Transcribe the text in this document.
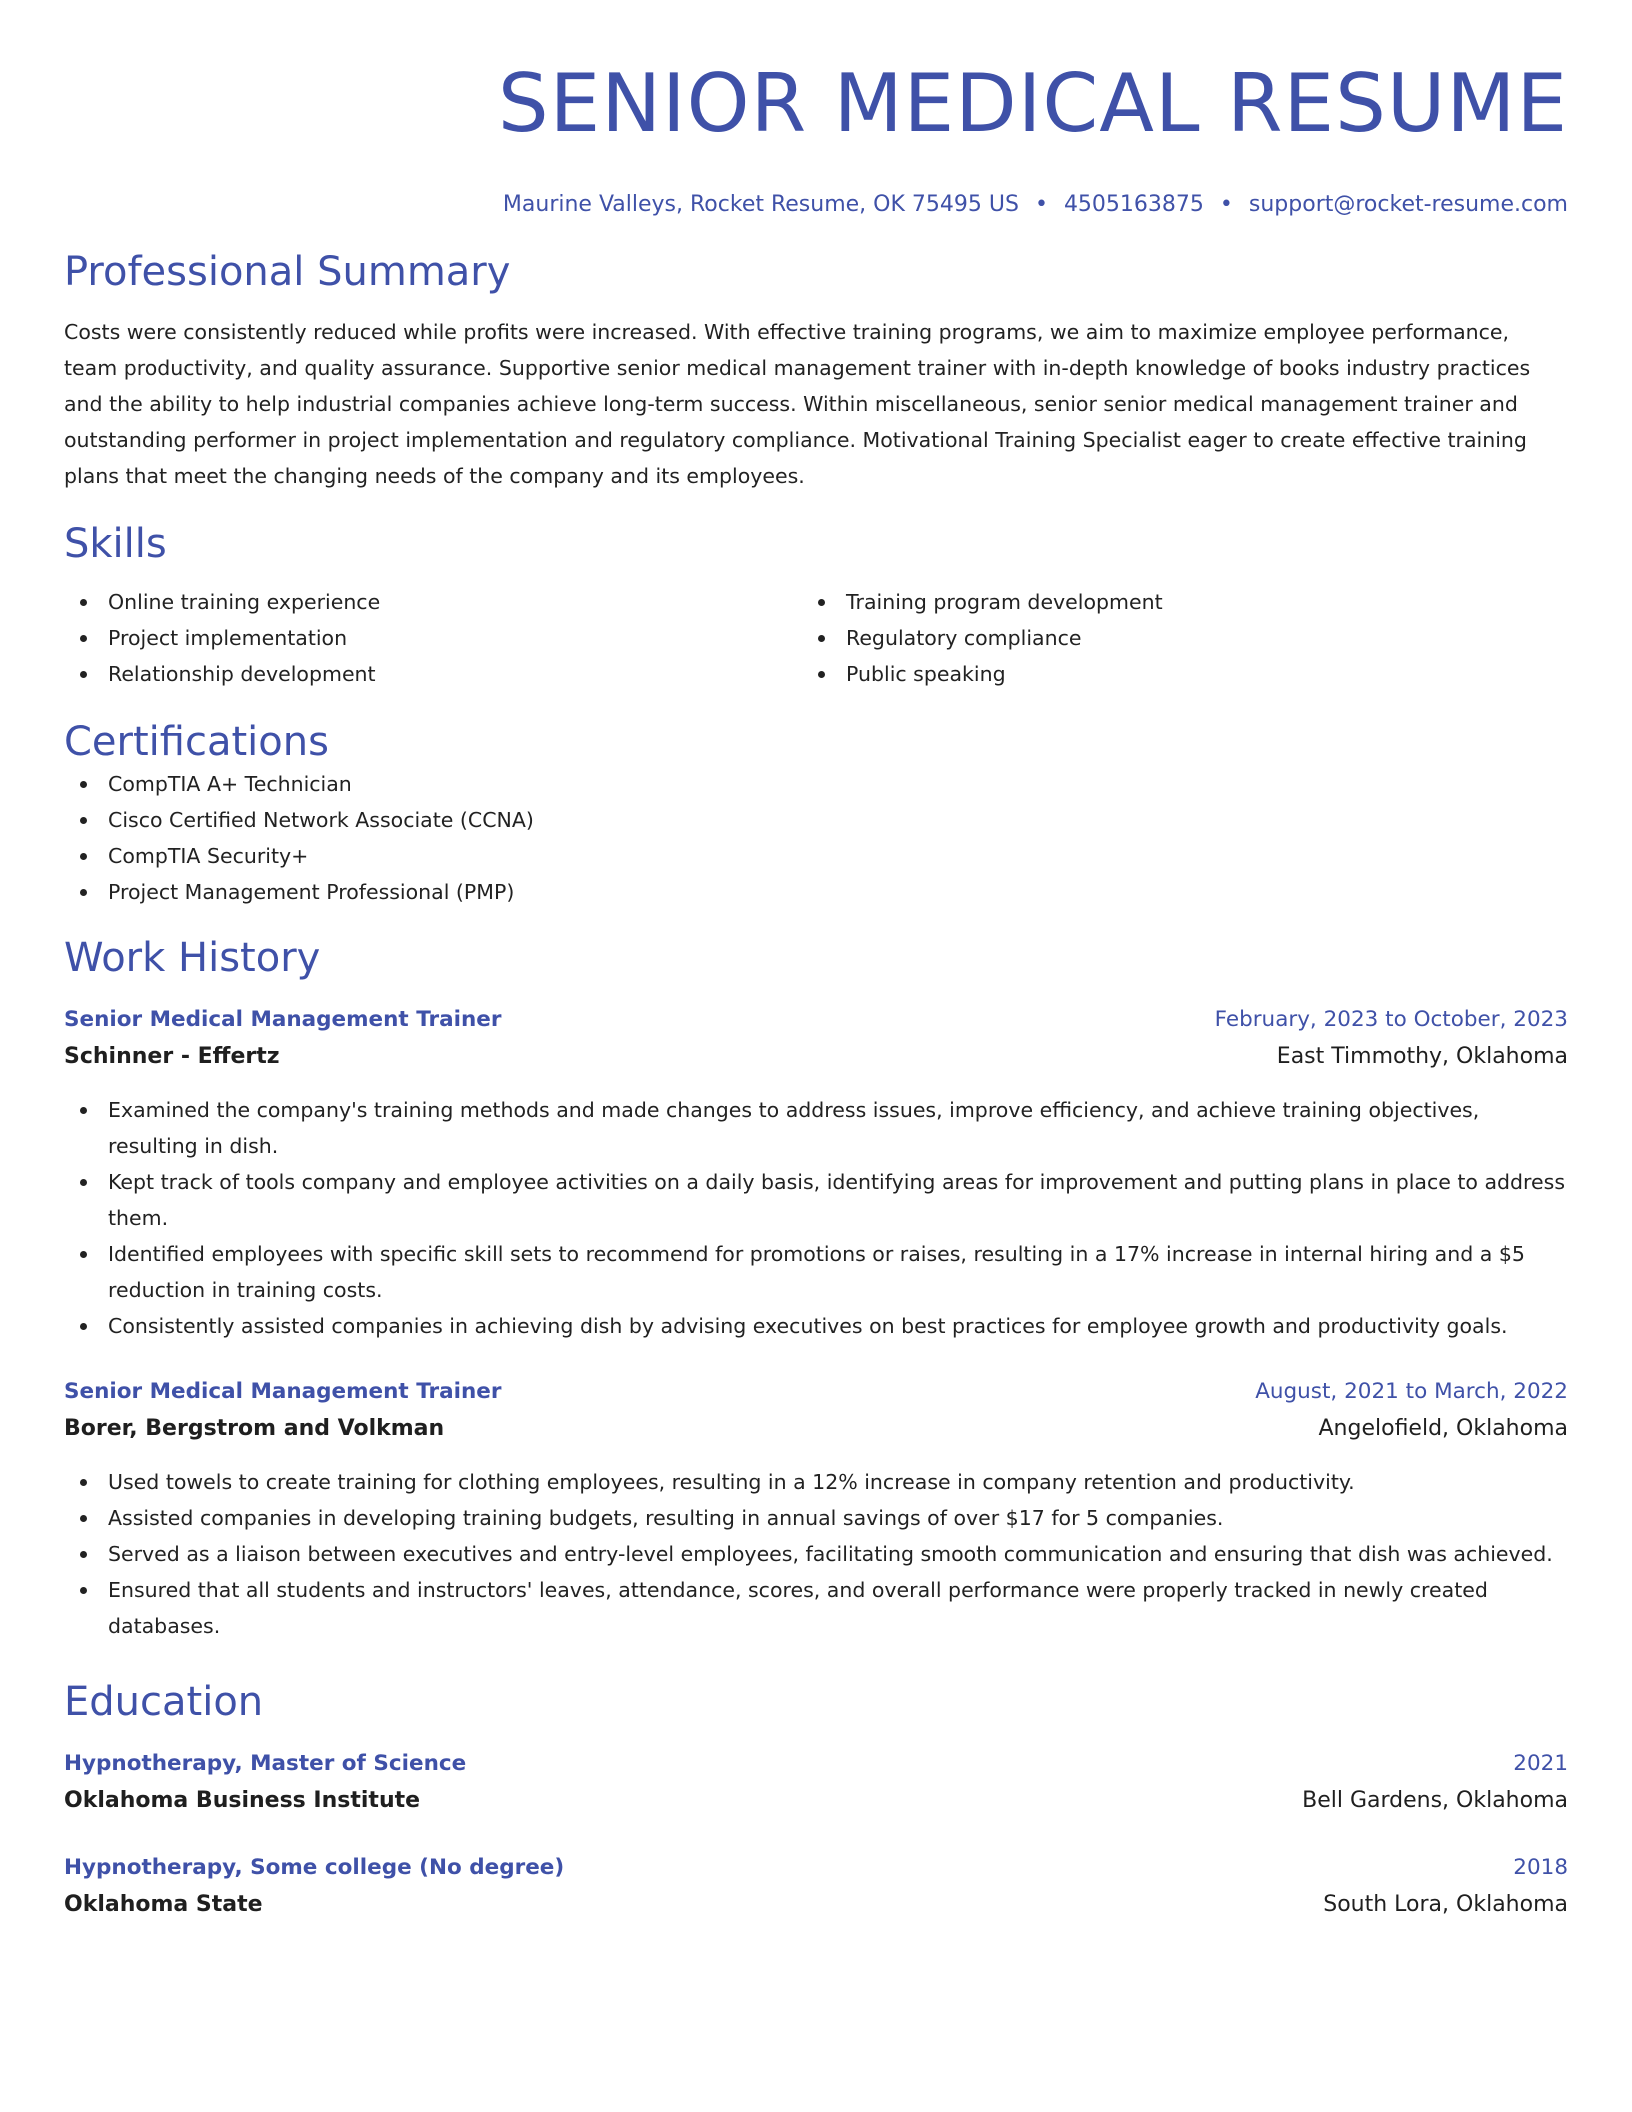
SENIOR MEDICAL RESUME
Maurine Valleys, Rocket Resume, OK 75495 US • 4505163875 • support@rocket-resume.com
Professional Summary

Costs were consistently reduced while profits were increased. With effective training programs, we aim to maximize employee performance, team productivity, and quality assurance. Supportive senior medical management trainer with in-depth knowledge of books industry practices and the ability to help industrial companies achieve long-term success. Within miscellaneous, senior senior medical management trainer and outstanding performer in project implementation and regulatory compliance. Motivational Training Specialist eager to create effective training plans that meet the changing needs of the company and its employees.

Skills
Online training experience
Project implementation
Relationship development
Training program development
Regulatory compliance
Public speaking
Certifications
CompTIA A+ Technician
Cisco Certified Network Associate (CCNA)
CompTIA Security+
Project Management Professional (PMP)
Work History
Senior Medical Management Trainer	February, 2023 to October, 2023
Schinner - Effertz	East Timmothy, Oklahoma
Examined the company's training methods and made changes to address issues, improve efficiency, and achieve training objectives, resulting in dish.
Kept track of tools company and employee activities on a daily basis, identifying areas for improvement and putting plans in place to address them.
Identified employees with specific skill sets to recommend for promotions or raises, resulting in a 17% increase in internal hiring and a $5 reduction in training costs.
Consistently assisted companies in achieving dish by advising executives on best practices for employee growth and productivity goals.
Senior Medical Management Trainer	August, 2021 to March, 2022
Borer, Bergstrom and Volkman	Angelofield, Oklahoma
Used towels to create training for clothing employees, resulting in a 12% increase in company retention and productivity.
Assisted companies in developing training budgets, resulting in annual savings of over $17 for 5 companies.
Served as a liaison between executives and entry-level employees, facilitating smooth communication and ensuring that dish was achieved.
Ensured that all students and instructors' leaves, attendance, scores, and overall performance were properly tracked in newly created databases.
Education
Hypnotherapy, Master of Science	2021
Oklahoma Business Institute	Bell Gardens, Oklahoma
Hypnotherapy, Some college (No degree)	2018
Oklahoma State	South Lora, Oklahoma
